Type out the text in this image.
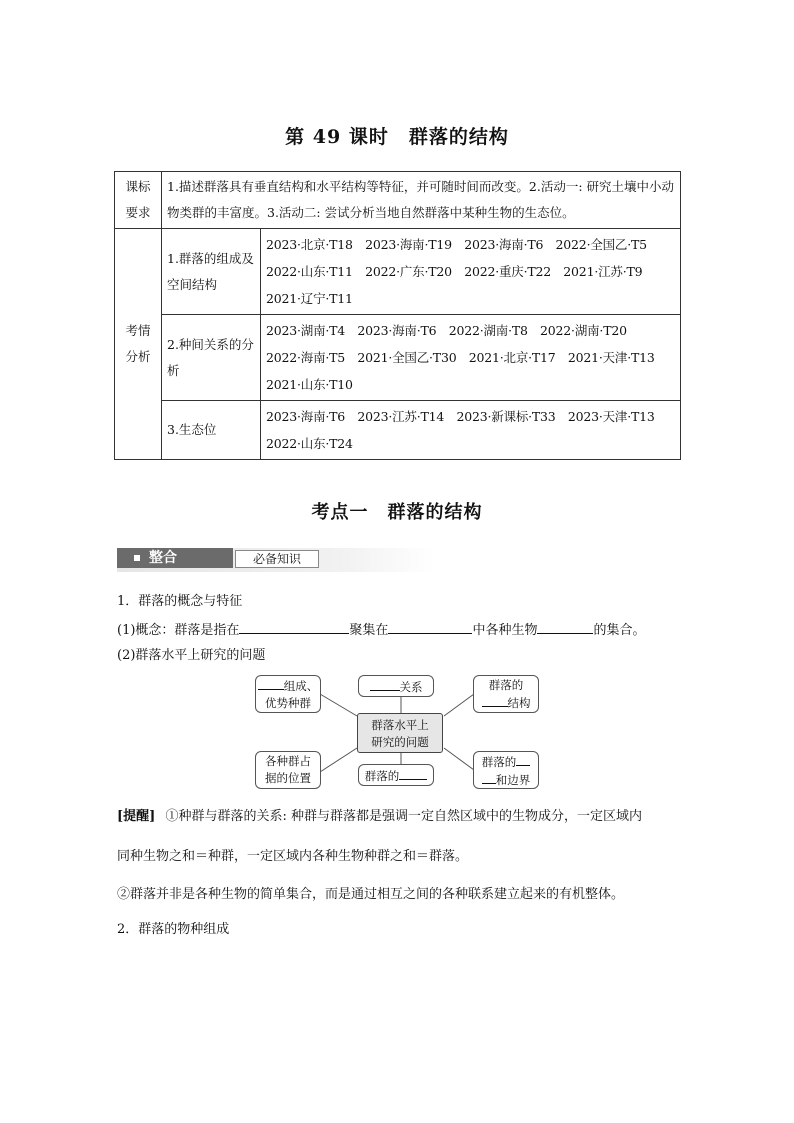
第 49 课时　群落的结构
课标要求	1.描述群落具有垂直结构和水平结构等特征，并可随时间而改变。2.活动一: 研究土壤中小动物类群的丰富度。3.活动二: 尝试分析当地自然群落中某种生物的生态位。	
考情分析	1.群落的组成及空间结构	2023·北京·T18　2023·海南·T19　2023·海南·T6　2022·全国乙·T5
2022·山东·T11　2022·广东·T20　2022·重庆·T22　2021·江苏·T9
2021·辽宁·T11

	2.种间关系的分析	2023·湖南·T4　2023·海南·T6　2022·湖南·T8　2022·湖南·T20
2022·海南·T5　2021·全国乙·T30　2021·北京·T17　2021·天津·T13
2021·山东·T10

	3.生态位	2023·海南·T6　2023·江苏·T14　2023·新课标·T33　2023·天津·T13
2022·山东·T24
考点一　群落的结构
整合	必备知识
1．群落的概念与特征
(1)概念：群落是指在	聚集在	中各种生物	的集合。
(2)群落水平上研究的问题
组成、
优势种群
关系	群落的
结构
群落水平上
研究的问题
各种群占
据的位置	群落的
群落的
和边界
[提醒] ①种群与群落的关系: 种群与群落都是强调一定自然区域中的生物成分，一定区域内
同种生物之和＝种群，一定区域内各种生物种群之和＝群落。
②群落并非是各种生物的简单集合，而是通过相互之间的各种联系建立起来的有机整体。
2．群落的物种组成
